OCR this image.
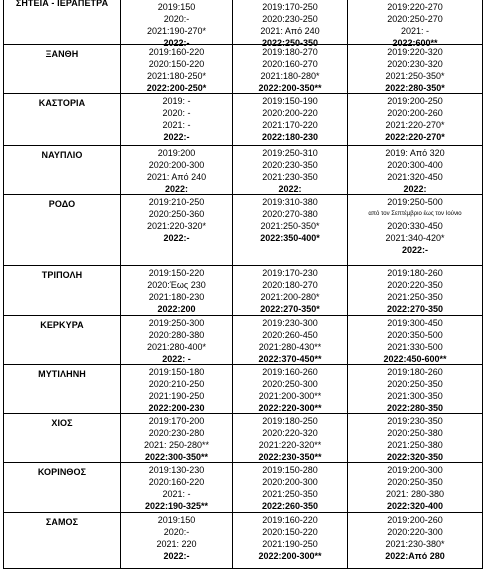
ΣΗΤΕΙΑ - ΙΕΡΑΠΕΤΡΑ	2019:150
2020:-
2021:190-270*
2022:-
2019:170-250
2020:230-250
2021: Από 240
2022:250-350
2019:220-270
2020:250-270
2021: -
2022:600**
ΞΑΝΘΗ	2019:160-220
2020:150-220
2021:180-250*
2022:200-250*
2019:180-270
2020:160-270
2021:180-280*
2022:200-350**
2019:220-320
2020:230-320
2021:250-350*
2022:280-350*
ΚΑΣΤΟΡΙΑ	2019: -
2020: -
2021: -
2022:-
2019:150-190
2020:200-220
2021:170-220
2022:180-230
2019:200-250
2020:200-260
2021:220-270*
2022:220-270*
ΝΑΥΠΛΙΟ	2019:200
2020:200-300
2021: Από 240
2022:
2019:250-310
2020:230-350
2021:230-350
2022:
2019: Από 320
2020:300-400
2021:320-450
2022:
ΡΟΔΟ	2019:210-250
2020:250-360
2021:220-320*
2022:-
2019:310-380
2020:270-380
2021:250-350*
2022:350-400*
2019:250-500
από τον Σεπτέμβριο έως τον Ιούνιο
2020:330-450
2021:340-420*
2022:-
ΤΡΙΠΟΛΗ	2019:150-220
2020:Έως 230
2021:180-230
2022:200
2019:170-230
2020:180-270
2021:200-280*
2022:270-350*
2019:180-260
2020:220-350
2021:250-350
2022:270-350
ΚΕΡΚΥΡΑ	2019:250-300
2020:280-380
2021:280-400*
2022: -
2019:230-300
2020:260-450
2021:280-430**
2022:370-450**
2019:300-450
2020:350-500
2021:330-500
2022:450-600**
ΜΥΤΙΛΗΝΗ	2019:150-180
2020:210-250
2021:190-250
2022:200-230
2019:160-260
2020:250-300
2021:200-300**
2022:220-300**
2019:180-260
2020:250-350
2021:300-350
2022:280-350
ΧΙΟΣ	2019:170-200
2020:230-280
2021: 250-280**
2022:300-350**
2019:180-250
2020:220-320
2021:220-320**
2022:230-350**
2019:230-350
2020:250-380
2021:250-380
2022:320-350
ΚΟΡΙΝΘΟΣ	2019:130-230
2020:160-220
2021: -
2022:190-325**
2019:150-280
2020:200-300
2021:250-350
2022:260-350
2019:200-300
2020:250-350
2021: 280-380
2022:320-400
ΣΑΜΟΣ	2019:150
2020:-
2021: 220
2022:-
2019:160-220
2020:150-220
2021:190-250
2022:200-300**
2019:200-260
2020:220-300
2021:230-380*
2022:Από 280
